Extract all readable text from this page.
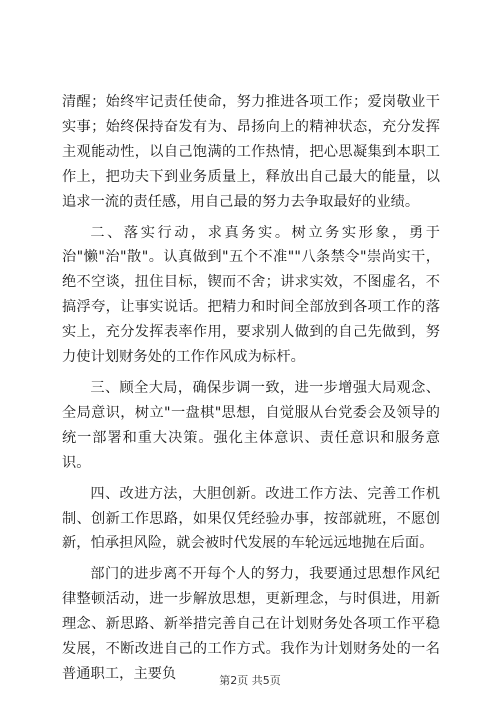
清醒；始终牢记责任使命，努力推进各项工作；爱岗敬业干实事；始终保持奋发有为、昂扬向上的精神状态，充分发挥主观能动性，以自己饱满的工作热情，把心思凝集到本职工作上，把功夫下到业务质量上，释放出自己最大的能量，以追求一流的责任感，用自己最的努力去争取最好的业绩。

二、落实行动，求真务实。树立务实形象，勇于治"懒"治"散"。认真做到"五个不准""八条禁令"崇尚实干，绝不空谈，扭住目标，锲而不舍；讲求实效，不图虚名，不搞浮夸，让事实说话。把精力和时间全部放到各项工作的落实上，充分发挥表率作用，要求别人做到的自己先做到，努力使计划财务处的工作作风成为标杆。

三、顾全大局，确保步调一致，进一步增强大局观念、全局意识，树立"一盘棋"思想，自觉服从台党委会及领导的统一部署和重大决策。强化主体意识、责任意识和服务意识。

四、改进方法，大胆创新。改进工作方法、完善工作机制、创新工作思路，如果仅凭经验办事，按部就班，不愿创新，怕承担风险，就会被时代发展的车轮远远地抛在后面。

部门的进步离不开每个人的努力，我要通过思想作风纪律整顿活动，进一步解放思想，更新理念，与时俱进，用新理念、新思路、新举措完善自己在计划财务处各项工作平稳发展，不断改进自己的工作方式。我作为计划财务处的一名普通职工，主要负	第2页 共5页
